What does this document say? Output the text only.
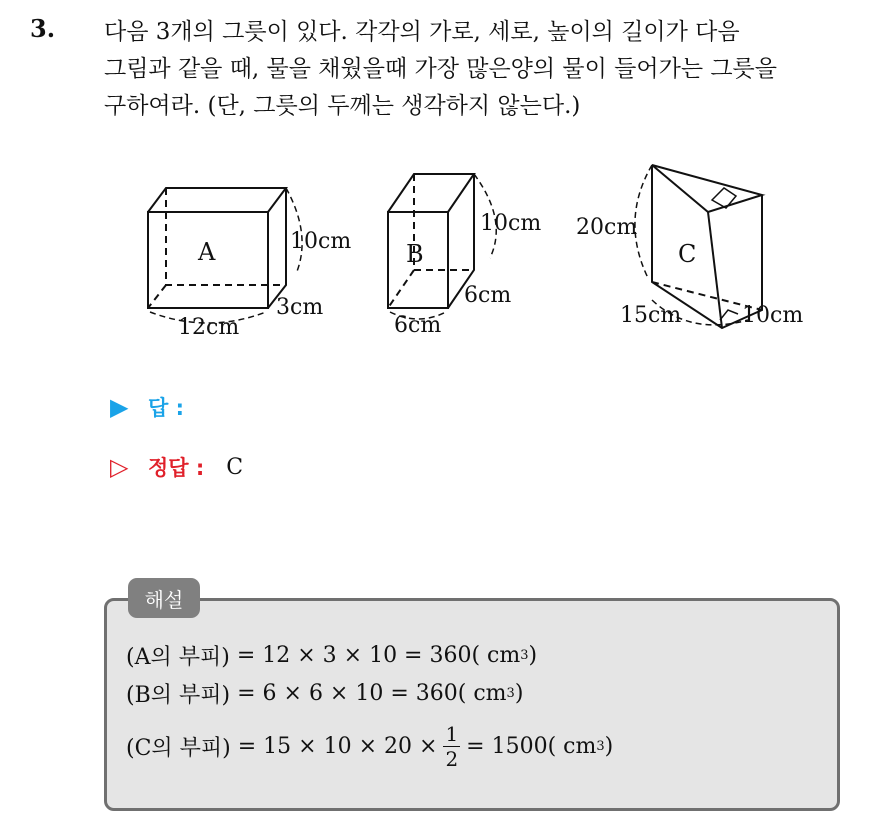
3. 다음 3개의 그릇이 있다. 각각의 가로, 세로, 높이의 길이가 다음
그림과 같을 때, 물을 채웠을때 가장 많은양의 물이 들어가는 그릇을
구하여라. (단, 그릇의 두께는 생각하지 않는다.)
A	10cm
3cm
12cm
B
10cm
6cm
6cm
C
20cm
15cm	10cm
▶ 답 :
▷ 정답 : C
해설
(A의 부피)
= 12 × 3 × 10 = 360( cm 3 )
(B의 부피)
= 6 × 6 × 10 = 360( cm 3 )
(C의 부피)
= $15 \times 10 \times 20 \times \frac{1}{2} = 1500$( cm 3 )
